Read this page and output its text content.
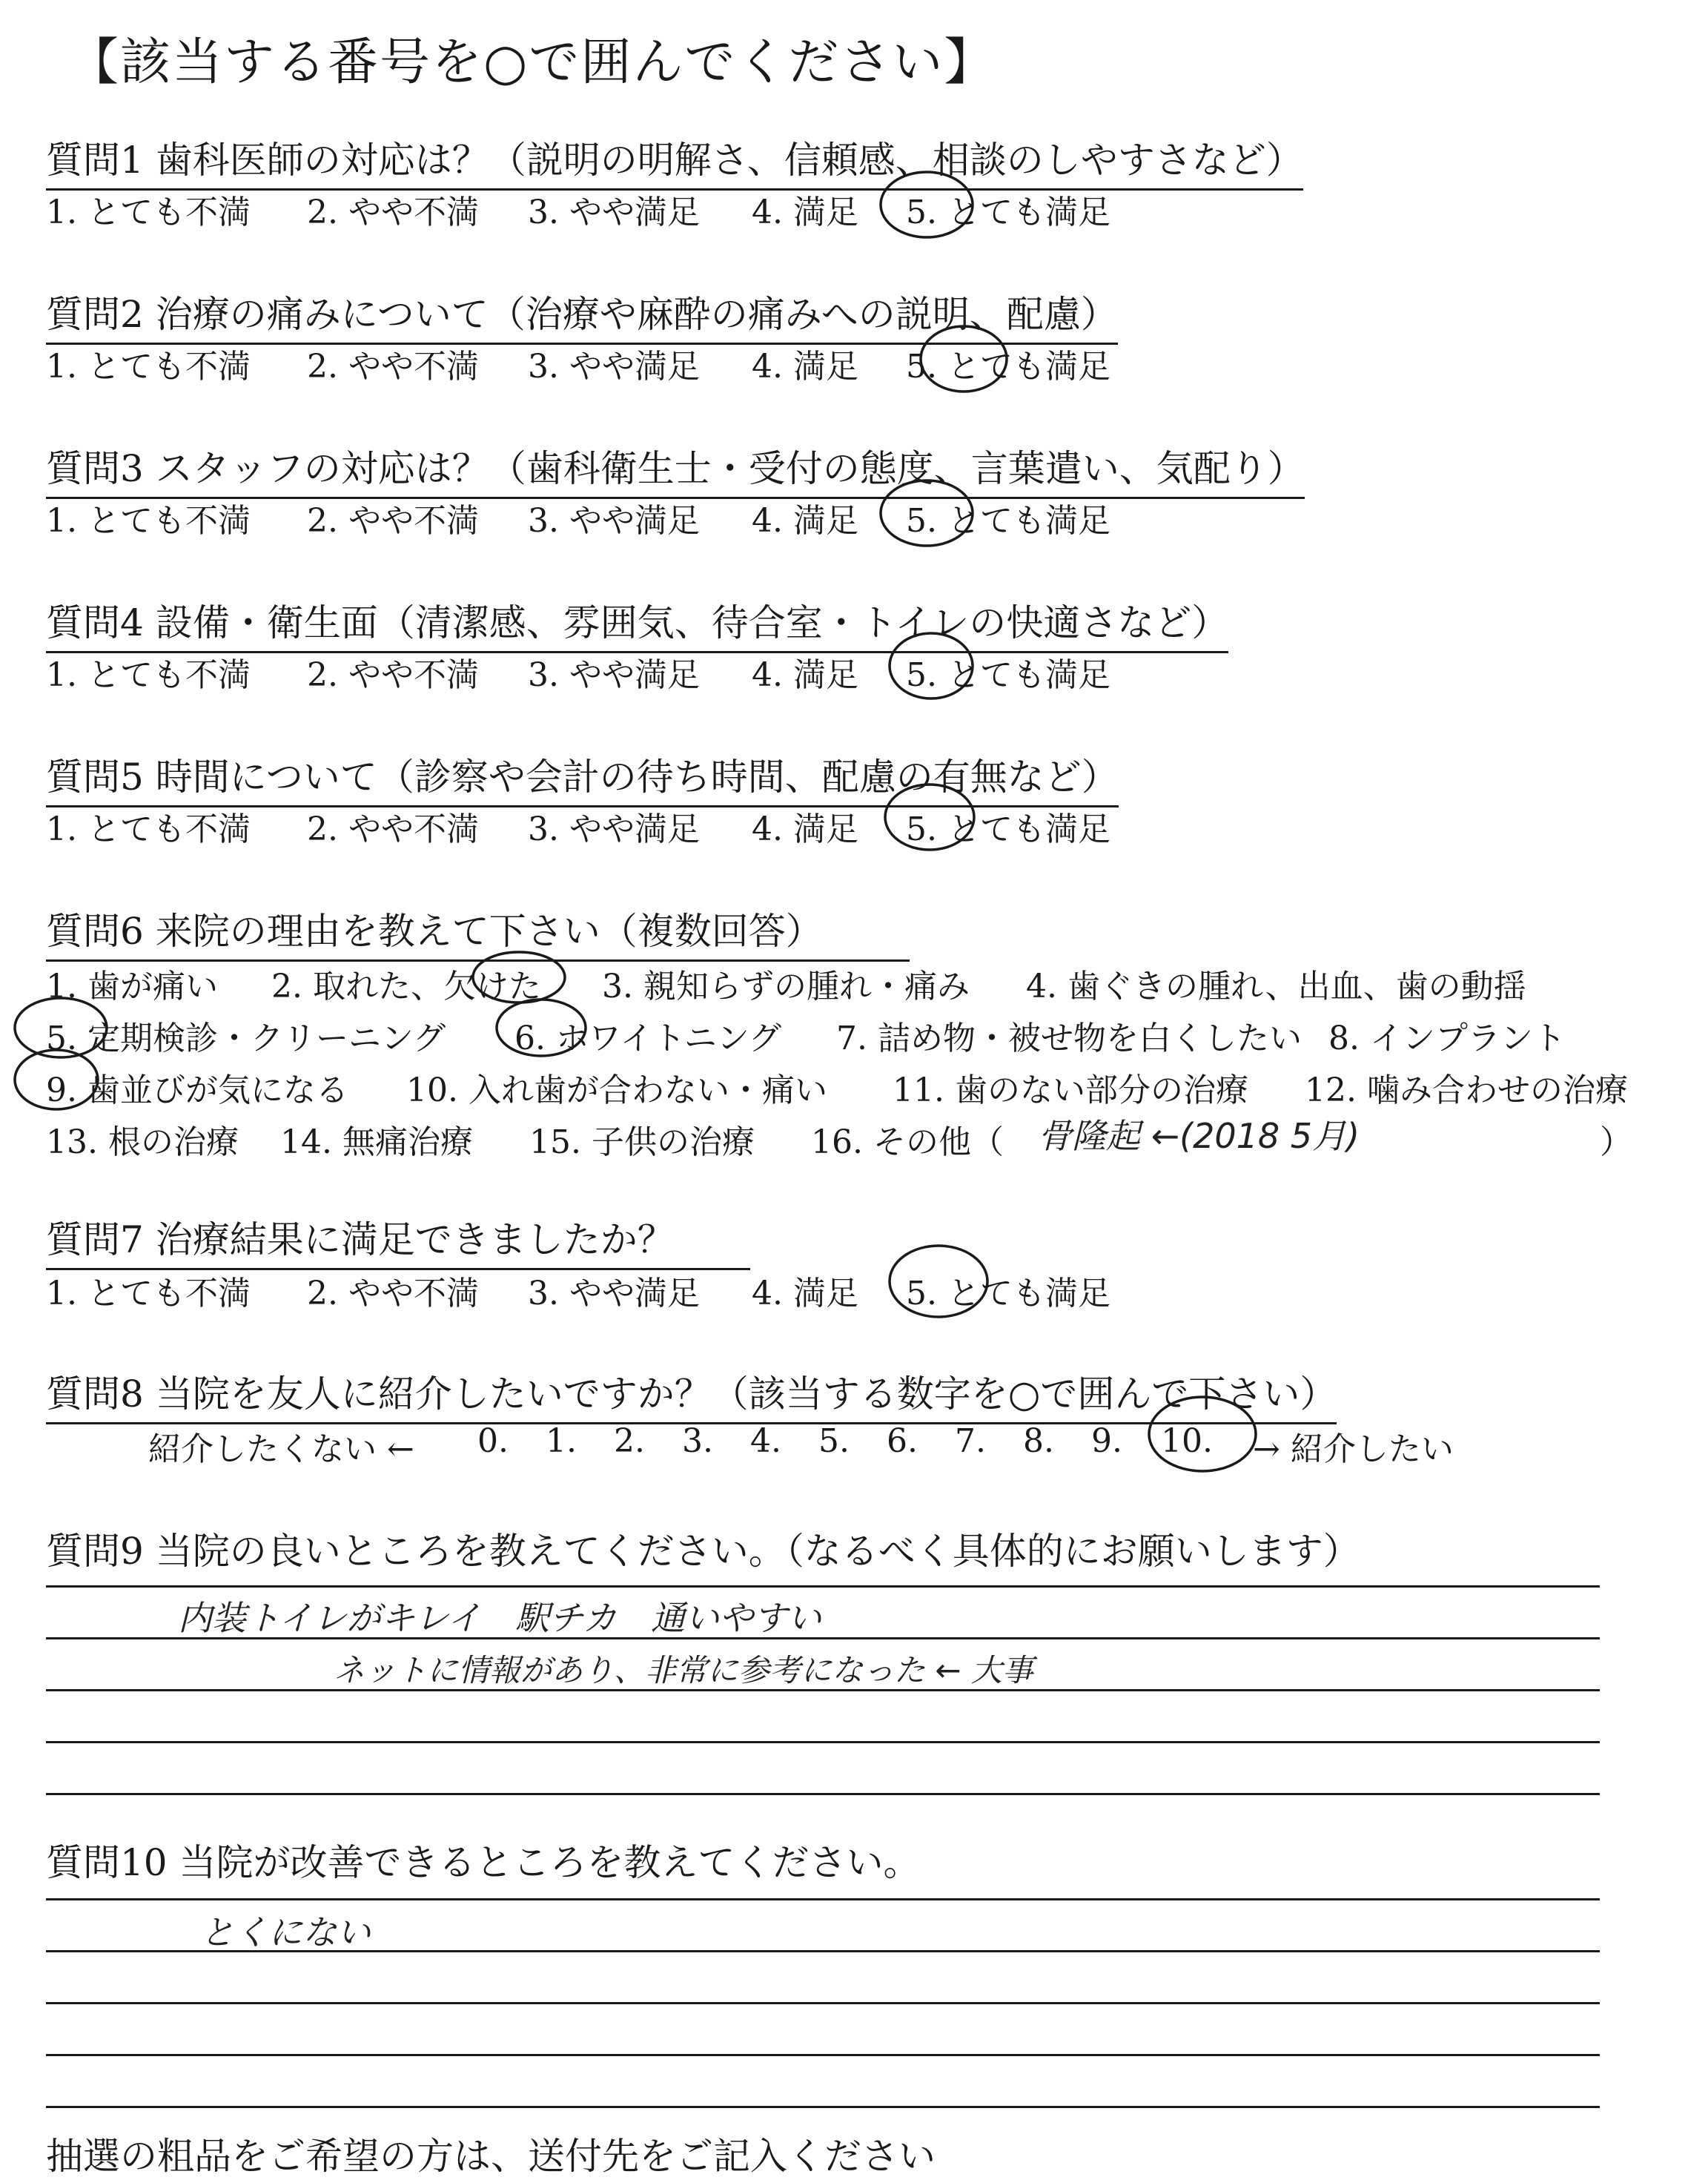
【該当する番号を○で囲んでください】
質問1 歯科医師の対応は？（説明の明解さ、信頼感、相談のしやすさなど）
1. とても不満 2. やや不満 3. やや満足 4. 満足 5. とても満足
質問2 治療の痛みについて（治療や麻酔の痛みへの説明、配慮）
1. とても不満 2. やや不満 3. やや満足 4. 満足 5. とても満足
質問3 スタッフの対応は？（歯科衛生士・受付の態度、言葉遣い、気配り）
1. とても不満 2. やや不満 3. やや満足 4. 満足 5. とても満足
質問4 設備・衛生面（清潔感、雰囲気、待合室・トイレの快適さなど）
1. とても不満 2. やや不満 3. やや満足 4. 満足 5. とても満足
質問5 時間について（診察や会計の待ち時間、配慮の有無など）
1. とても不満 2. やや不満 3. やや満足 4. 満足 5. とても満足
質問6 来院の理由を教えて下さい（複数回答）
1. 歯が痛い 2. 取れた、欠けた 3. 親知らずの腫れ・痛み 4. 歯ぐきの腫れ、出血、歯の動揺
5. 定期検診・クリーニング 6. ホワイトニング 7. 詰め物・被せ物を白くしたい 8. インプラント
9. 歯並びが気になる 10. 入れ歯が合わない・痛い 11. 歯のない部分の治療 12. 噛み合わせの治療
13. 根の治療 14. 無痛治療 15. 子供の治療 16. その他（	）
骨隆起 ←(2018 5月)
質問7 治療結果に満足できましたか？
1. とても不満 2. やや不満 3. やや満足 4. 満足 5. とても満足
質問8 当院を友人に紹介したいですか？（該当する数字を○で囲んで下さい）
紹介したくない ← 0. 1. 2. 3. 4. 5. 6. 7. 8. 9. 10. → 紹介したい
質問9 当院の良いところを教えてください。（なるべく具体的にお願いします）
内装トイレがキレイ　駅チカ　通いやすい
ネットに情報があり、非常に参考になった ← 大事
質問10 当院が改善できるところを教えてください。
とくにない
抽選の粗品をご希望の方は、送付先をご記入ください
